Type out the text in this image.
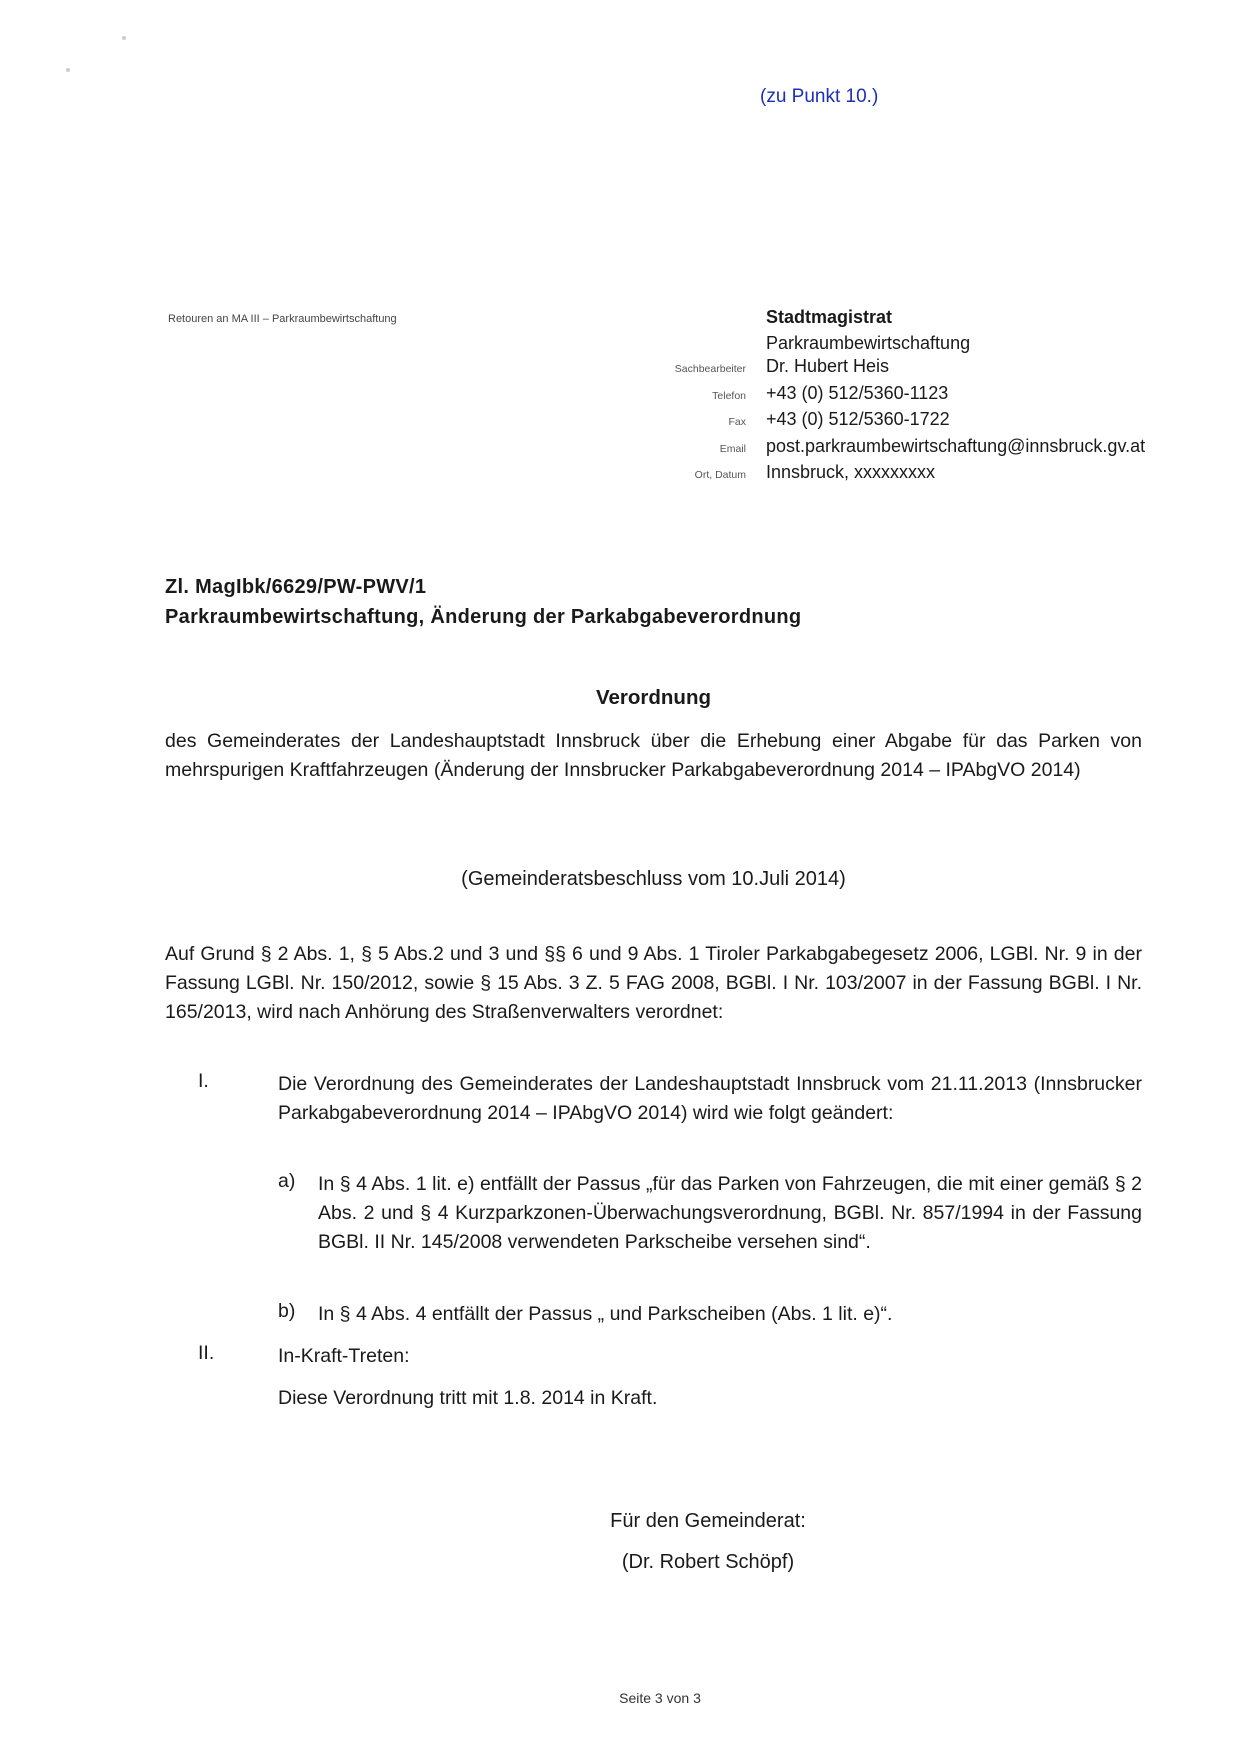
(zu Punkt 10.)
Retouren an MA III – Parkraumbewirtschaftung	Stadtmagistrat
Parkraumbewirtschaftung
Sachbearbeiter Dr. Hubert Heis
Telefon +43 (0) 512/5360-1123
Fax +43 (0) 512/5360-1722
Email post.parkraumbewirtschaftung@innsbruck.gv.at
Ort, Datum Innsbruck, xxxxxxxxx
Zl. MagIbk/6629/PW-PWV/1
Parkraumbewirtschaftung, Änderung der Parkabgabeverordnung
Verordnung
des Gemeinderates der Landeshauptstadt Innsbruck über die Erhebung einer Abgabe für das Parken von mehrspurigen Kraftfahrzeugen (Änderung der Innsbrucker Parkabgabeverordnung 2014 – IPAbgVO 2014)
(Gemeinderatsbeschluss vom 10.Juli 2014)
Auf Grund § 2 Abs. 1, § 5 Abs.2 und 3 und §§ 6 und 9 Abs. 1 Tiroler Parkabgabegesetz 2006, LGBl. Nr. 9 in der Fassung LGBl. Nr. 150/2012, sowie § 15 Abs. 3 Z. 5 FAG 2008, BGBl. I Nr. 103/2007 in der Fassung BGBl. I Nr. 165/2013, wird nach Anhörung des Straßenverwalters verordnet:
I.	Die Verordnung des Gemeinderates der Landeshauptstadt Innsbruck vom 21.11.2013 (Innsbrucker Parkabgabeverordnung 2014 – IPAbgVO 2014) wird wie folgt geändert:
a) In § 4 Abs. 1 lit. e) entfällt der Passus „für das Parken von Fahrzeugen, die mit einer gemäß § 2 Abs. 2 und § 4 Kurzparkzonen-Überwachungsverordnung, BGBl. Nr. 857/1994 in der Fassung BGBl. II Nr. 145/2008 verwendeten Parkscheibe versehen sind“.
b) In § 4 Abs. 4 entfällt der Passus „ und Parkscheiben (Abs. 1 lit. e)“.
II.	In-Kraft-Treten:
Diese Verordnung tritt mit 1.8. 2014 in Kraft.
Für den Gemeinderat:
(Dr. Robert Schöpf)
Seite 3 von 3
